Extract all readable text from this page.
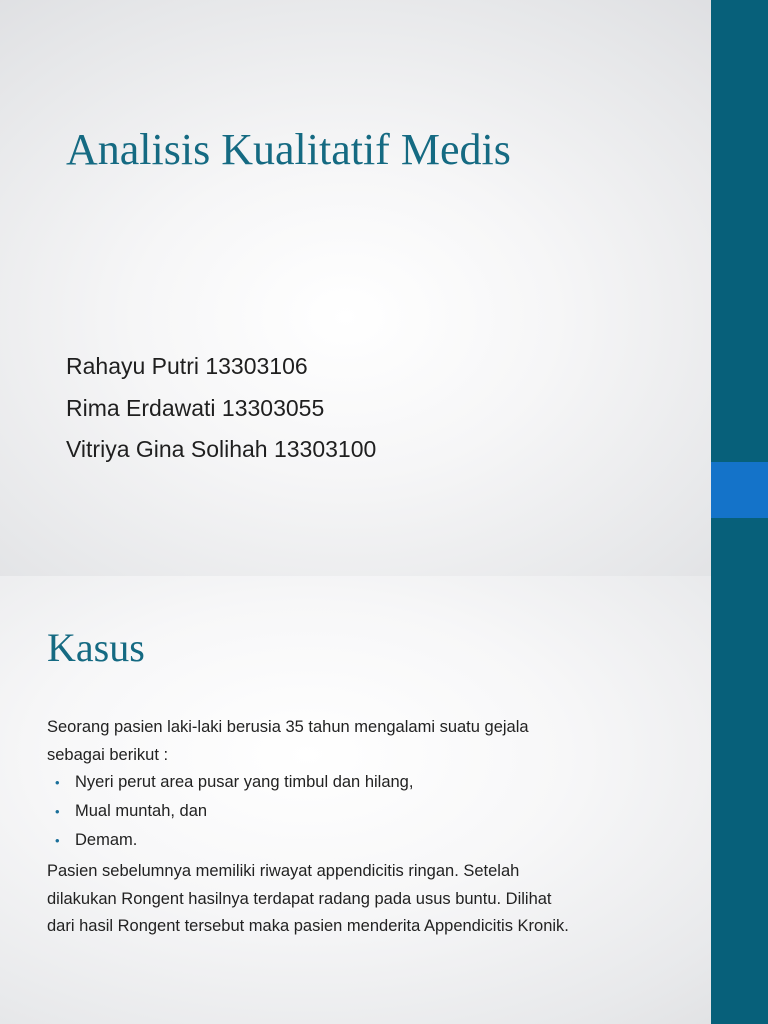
Analisis Kualitatif Medis
Rahayu Putri 13303106
Rima Erdawati 13303055
Vitriya Gina Solihah 13303100
Kasus
Seorang pasien laki-laki berusia 35 tahun mengalami suatu gejala
sebagai berikut :
• Nyeri perut area pusar yang timbul dan hilang,
• Mual muntah, dan
• Demam.
Pasien sebelumnya memiliki riwayat appendicitis ringan. Setelah
dilakukan Rongent hasilnya terdapat radang pada usus buntu. Dilihat
dari hasil Rongent tersebut maka pasien menderita Appendicitis Kronik.
